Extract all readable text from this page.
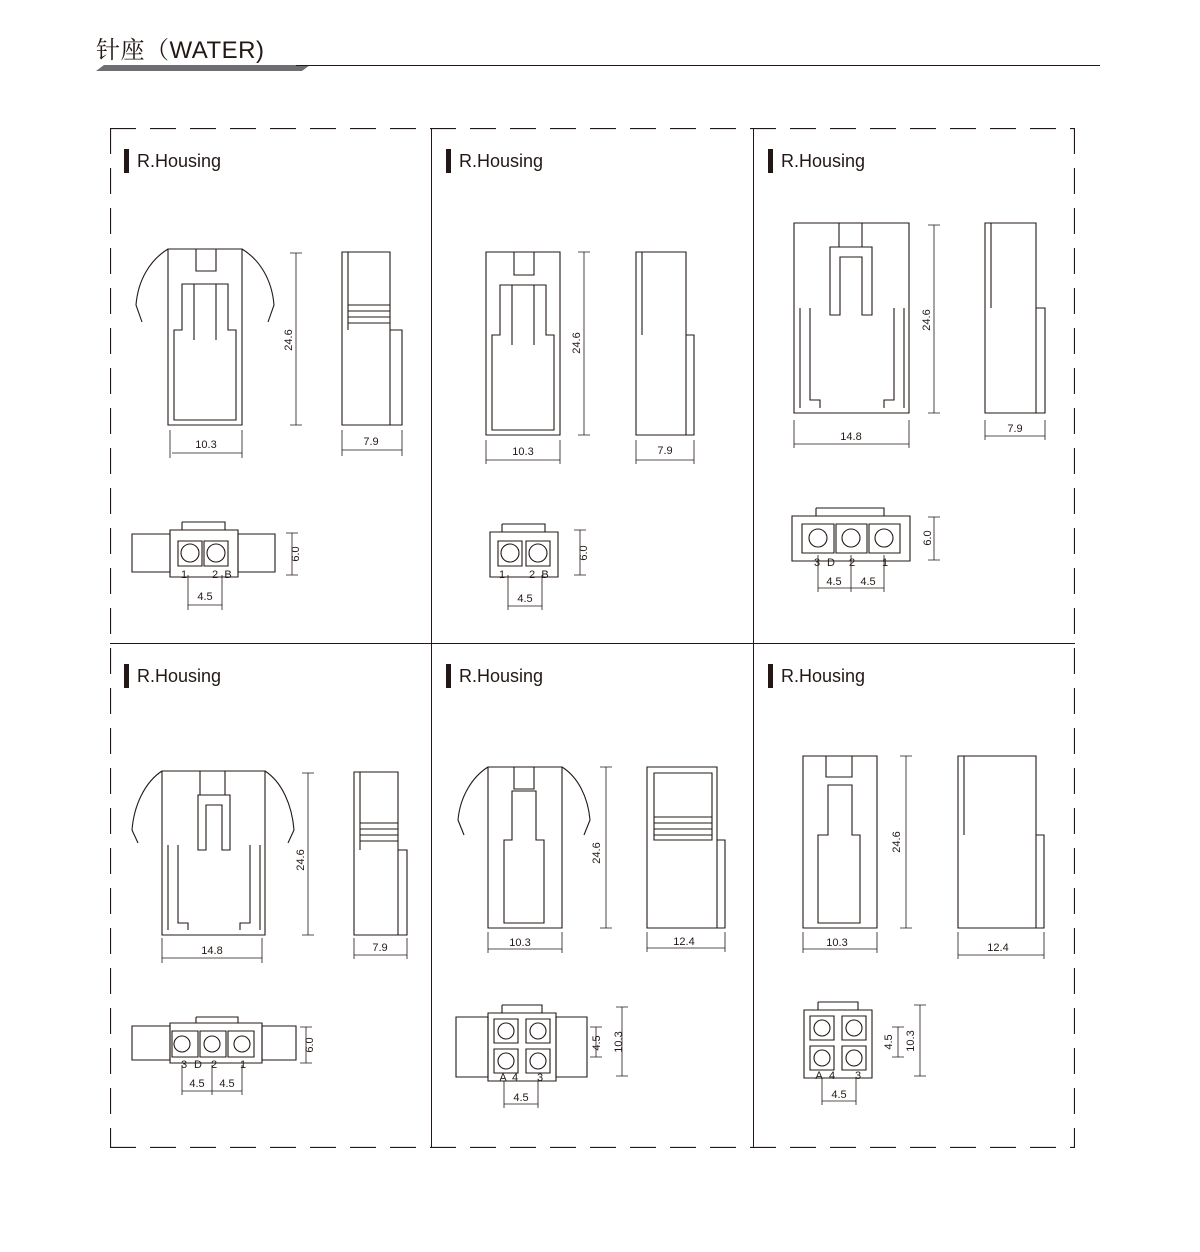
针座（WATER)
R.Housing
10.3
24.6
7.9
1 2 B
4.5
6.0
R.Housing
10.3
24.6
7.9
1 2 B
4.5
6.0
R.Housing
14.8
24.6
7.9
3 D 2 1
4.5 4.5
6.0
R.Housing
14.8
24.6
7.9
3 D 2 1
4.5 4.5
6.0
R.Housing
10.3
24.6
12.4
A 4 3
4.5
4.5 10.3
R.Housing
10.3
24.6
12.4
A 4 3
4.5
4.5 10.3
